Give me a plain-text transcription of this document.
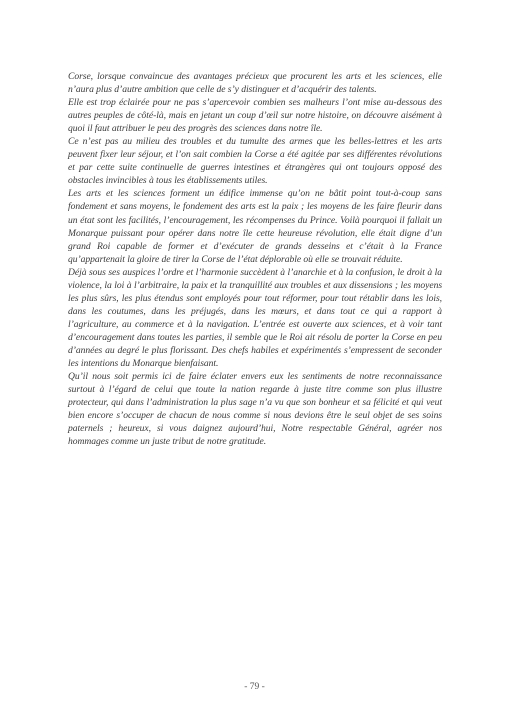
Corse, lorsque convaincue des avantages précieux que procurent les arts et les sciences, elle n’aura plus d’autre ambition que celle de s’y distinguer et d’acquérir des talents.

Elle est trop éclairée pour ne pas s’apercevoir combien ses malheurs l’ont mise au-dessous des autres peuples de côté-là, mais en jetant un coup d’œil sur notre histoire, on découvre aisément à quoi il faut attribuer le peu des progrès des sciences dans notre île.

Ce n’est pas au milieu des troubles et du tumulte des armes que les belles-lettres et les arts peuvent fixer leur séjour, et l’on sait combien la Corse a été agitée par ses différentes révolutions et par cette suite continuelle de guerres intestines et étrangères qui ont toujours opposé des obstacles invincibles à tous les établissements utiles.

Les arts et les sciences forment un édifice immense qu’on ne bâtit point tout-à-coup sans fondement et sans moyens, le fondement des arts est la paix ; les moyens de les faire fleurir dans un état sont les facilités, l’encouragement, les récompenses du Prince. Voilà pourquoi il fallait un Monarque puissant pour opérer dans notre île cette heureuse révolution, elle était digne d’un grand Roi capable de former et d’exécuter de grands desseins et c’était à la France qu’appartenait la gloire de tirer la Corse de l’état déplorable où elle se trouvait réduite.

Déjà sous ses auspices l’ordre et l’harmonie succèdent à l’anarchie et à la confusion, le droit à la violence, la loi à l’arbitraire, la paix et la tranquillité aux troubles et aux dissensions ; les moyens les plus sûrs, les plus étendus sont employés pour tout réformer, pour tout rétablir dans les lois, dans les coutumes, dans les préjugés, dans les mœurs, et dans tout ce qui a rapport à l’agriculture, au commerce et à la navigation. L’entrée est ouverte aux sciences, et à voir tant d’encouragement dans toutes les parties, il semble que le Roi ait résolu de porter la Corse en peu d’années au degré le plus florissant. Des chefs habiles et expérimentés s’empressent de seconder les intentions du Monarque bienfaisant.

Qu’il nous soit permis ici de faire éclater envers eux les sentiments de notre reconnaissance surtout à l’égard de celui que toute la nation regarde à juste titre comme son plus illustre protecteur, qui dans l’administration la plus sage n’a vu que son bonheur et sa félicité et qui veut bien encore s’occuper de chacun de nous comme si nous devions être le seul objet de ses soins paternels ; heureux, si vous daignez aujourd’hui, Notre respectable Général, agréer nos hommages comme un juste tribut de notre gratitude.

- 79 -
